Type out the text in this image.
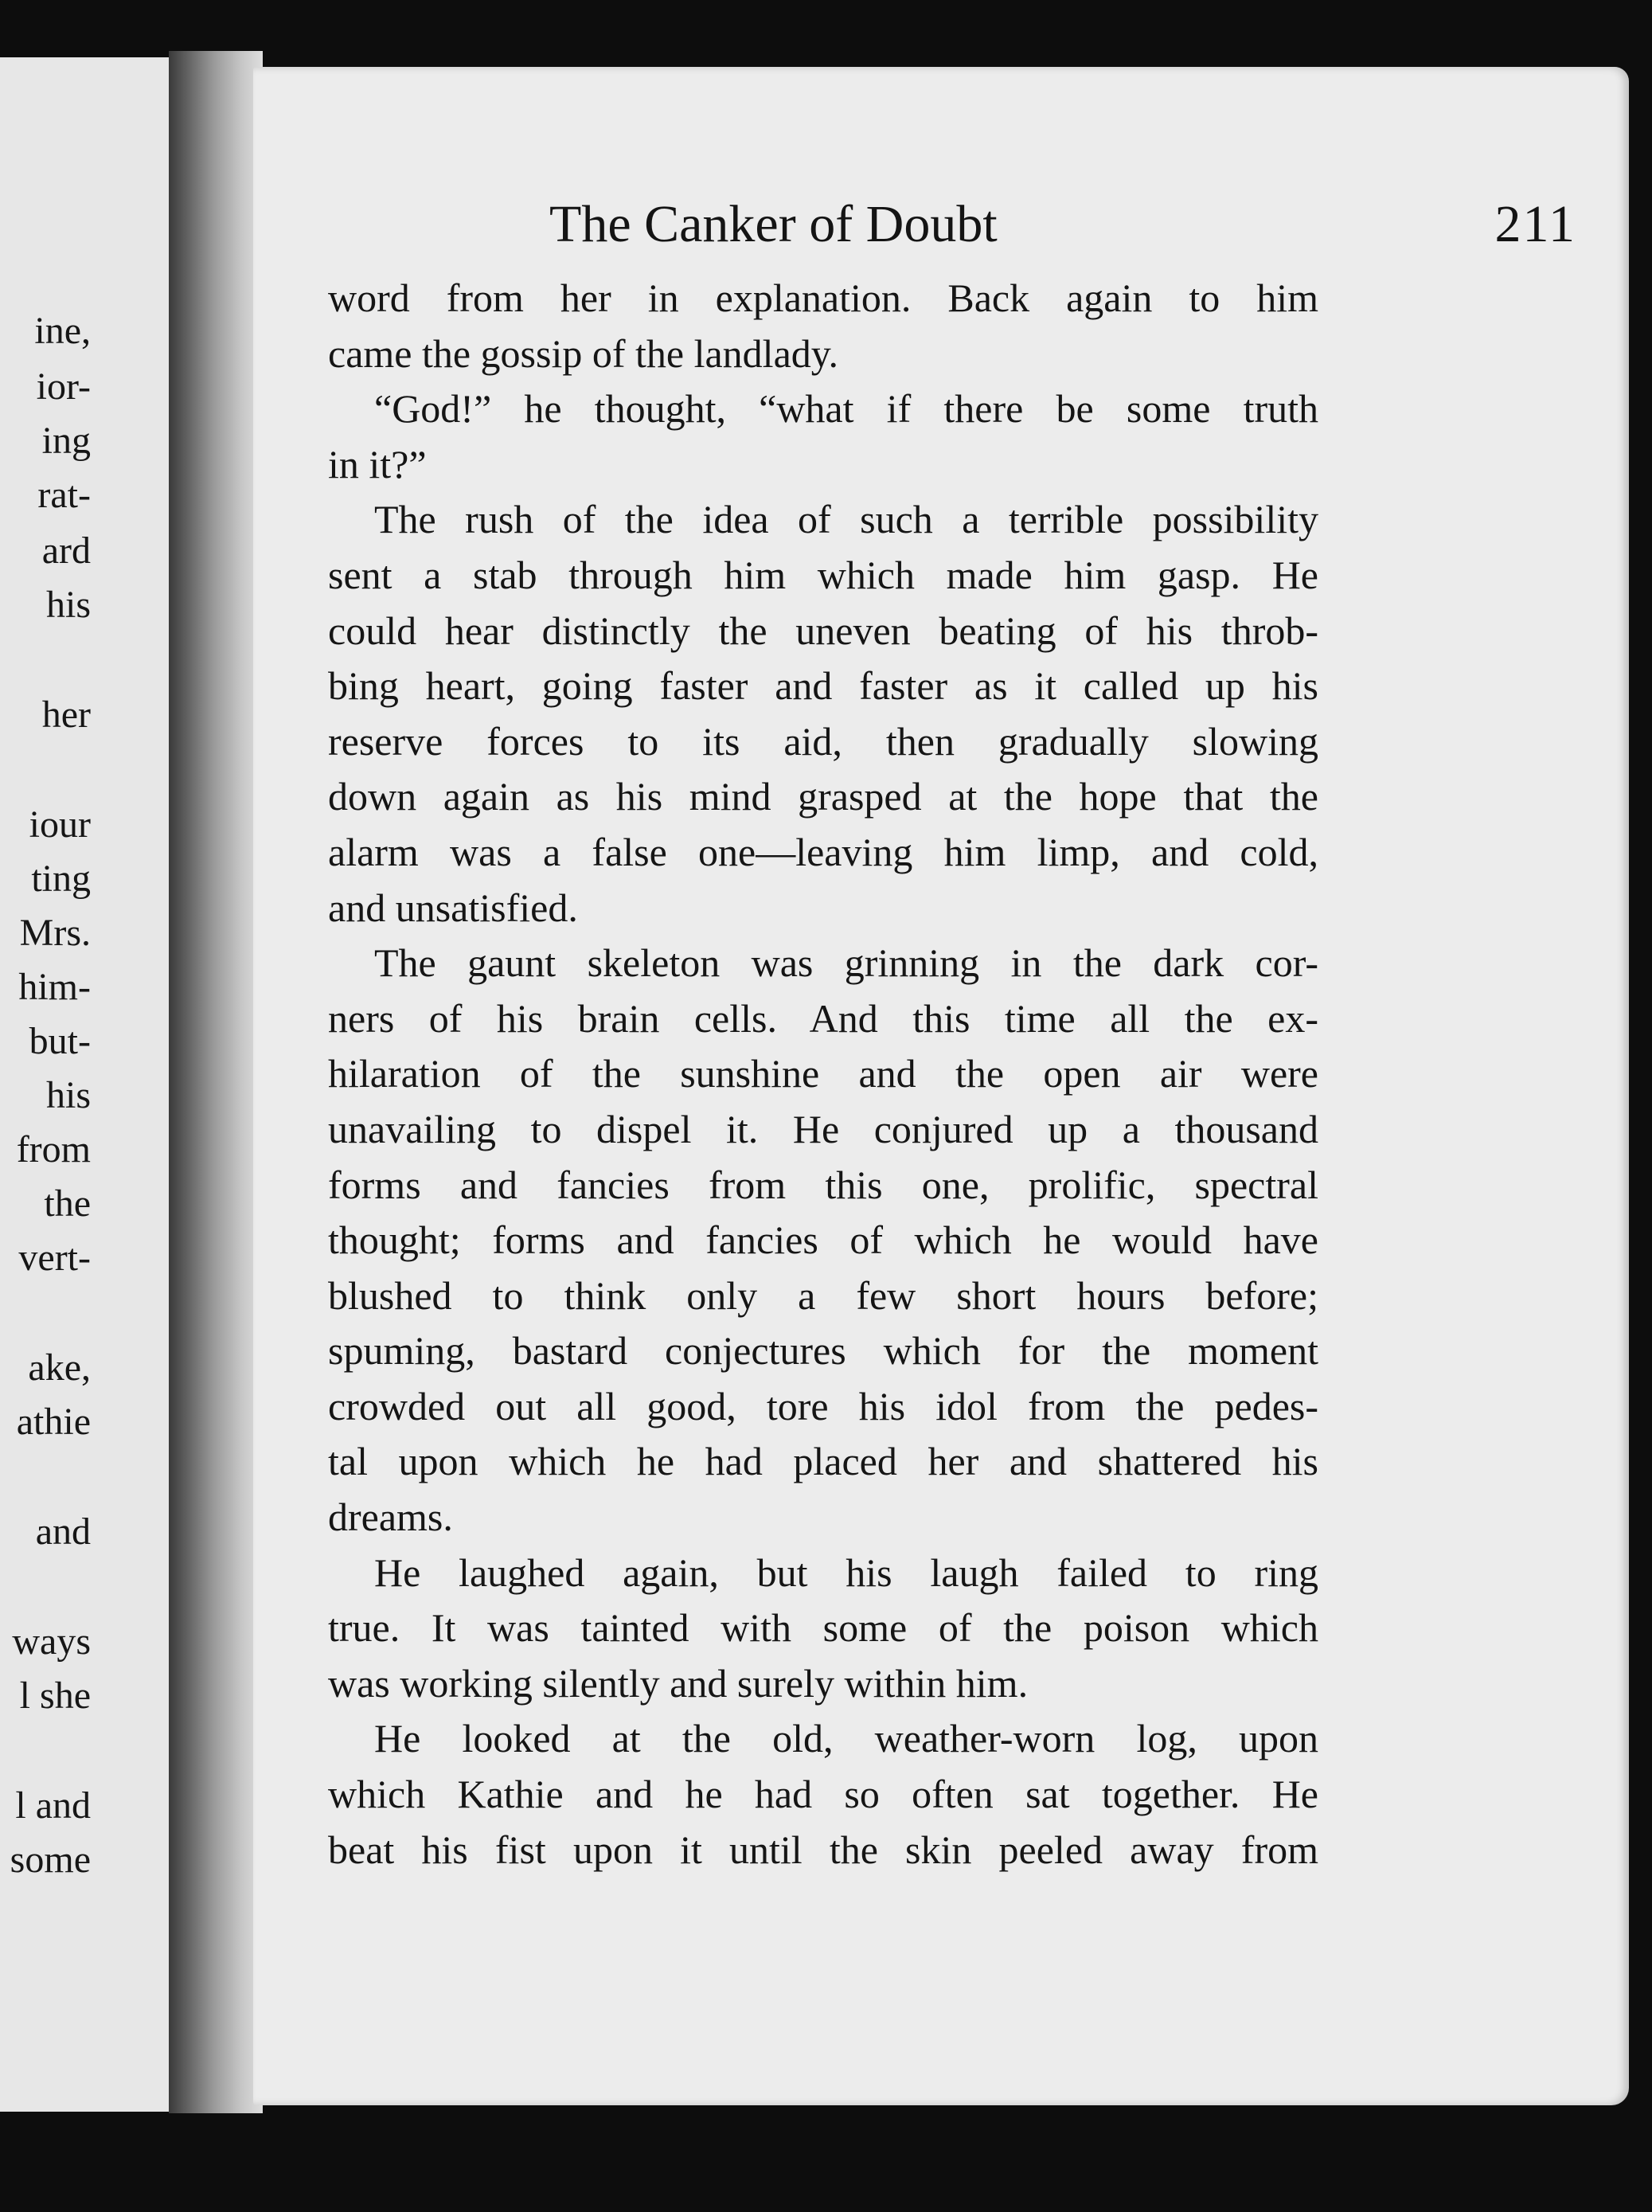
ine,
ior-
ing
rat-
ard
his
her
iour
ting
Mrs.
him-
but-
his
from
the
vert-
ake,
athie
and
ways
l she
l and
some
The Canker of Doubt	211

word from her in explanation. Back again to him
came the gossip of the landlady.

“God!” he thought, “what if there be some truth
in it?”

The rush of the idea of such a terrible possibility
sent a stab through him which made him gasp. He
could hear distinctly the uneven beating of his throb-
bing heart, going faster and faster as it called up his
reserve forces to its aid, then gradually slowing
down again as his mind grasped at the hope that the
alarm was a false one—leaving him limp, and cold,
and unsatisfied.

The gaunt skeleton was grinning in the dark cor-
ners of his brain cells. And this time all the ex-
hilaration of the sunshine and the open air were
unavailing to dispel it. He conjured up a thousand
forms and fancies from this one, prolific, spectral
thought; forms and fancies of which he would have
blushed to think only a few short hours before;
spuming, bastard conjectures which for the moment
crowded out all good, tore his idol from the pedes-
tal upon which he had placed her and shattered his
dreams.

He laughed again, but his laugh failed to ring
true. It was tainted with some of the poison which
was working silently and surely within him.

He looked at the old, weather-worn log, upon
which Kathie and he had so often sat together. He
beat his fist upon it until the skin peeled away from
